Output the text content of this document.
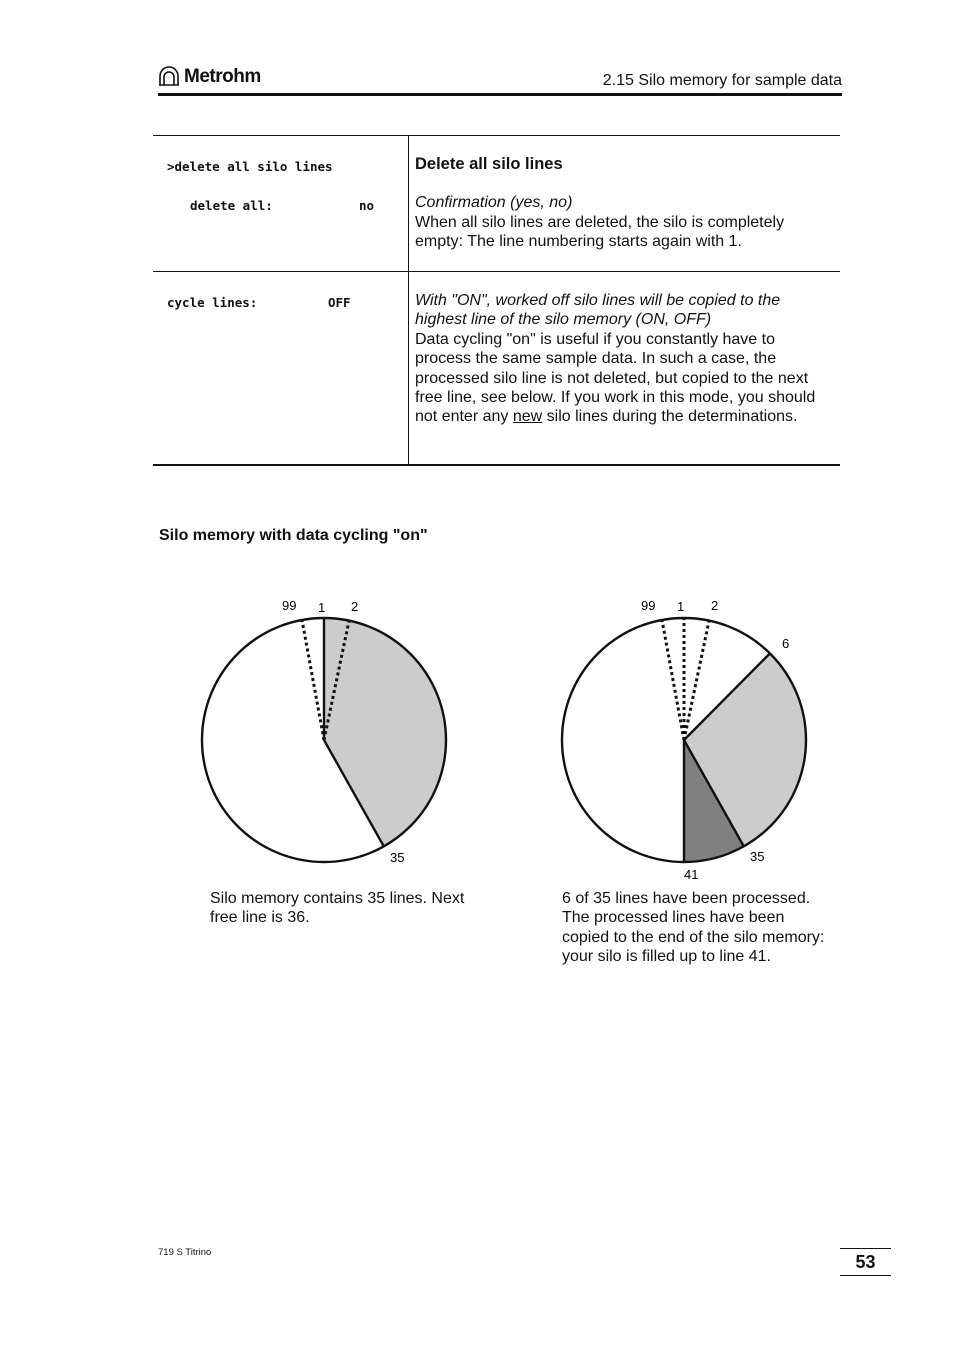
Metrohm	2.15 Silo memory for sample data
>delete all silo lines
delete all:	no
Delete all silo lines
Confirmation (yes, no)
When all silo lines are deleted, the silo is completely empty: The line numbering starts again with 1.
cycle lines:	OFF	With "ON", worked off silo lines will be copied to the highest line of the silo memory (ON, OFF)
Data cycling "on" is useful if you constantly have to process the same sample data. In such a case, the processed silo line is not deleted, but copied to the next free line, see below. If you work in this mode, you should not enter any new silo lines during the determinations.
Silo memory with data cycling "on"
99 1 2
35
Silo memory contains 35 lines. Next free line is 36.
99 1 2
6
35
41
6 of 35 lines have been processed. The processed lines have been copied to the end of the silo memory: your silo is filled up to line 41.
719 S Titrino	53
